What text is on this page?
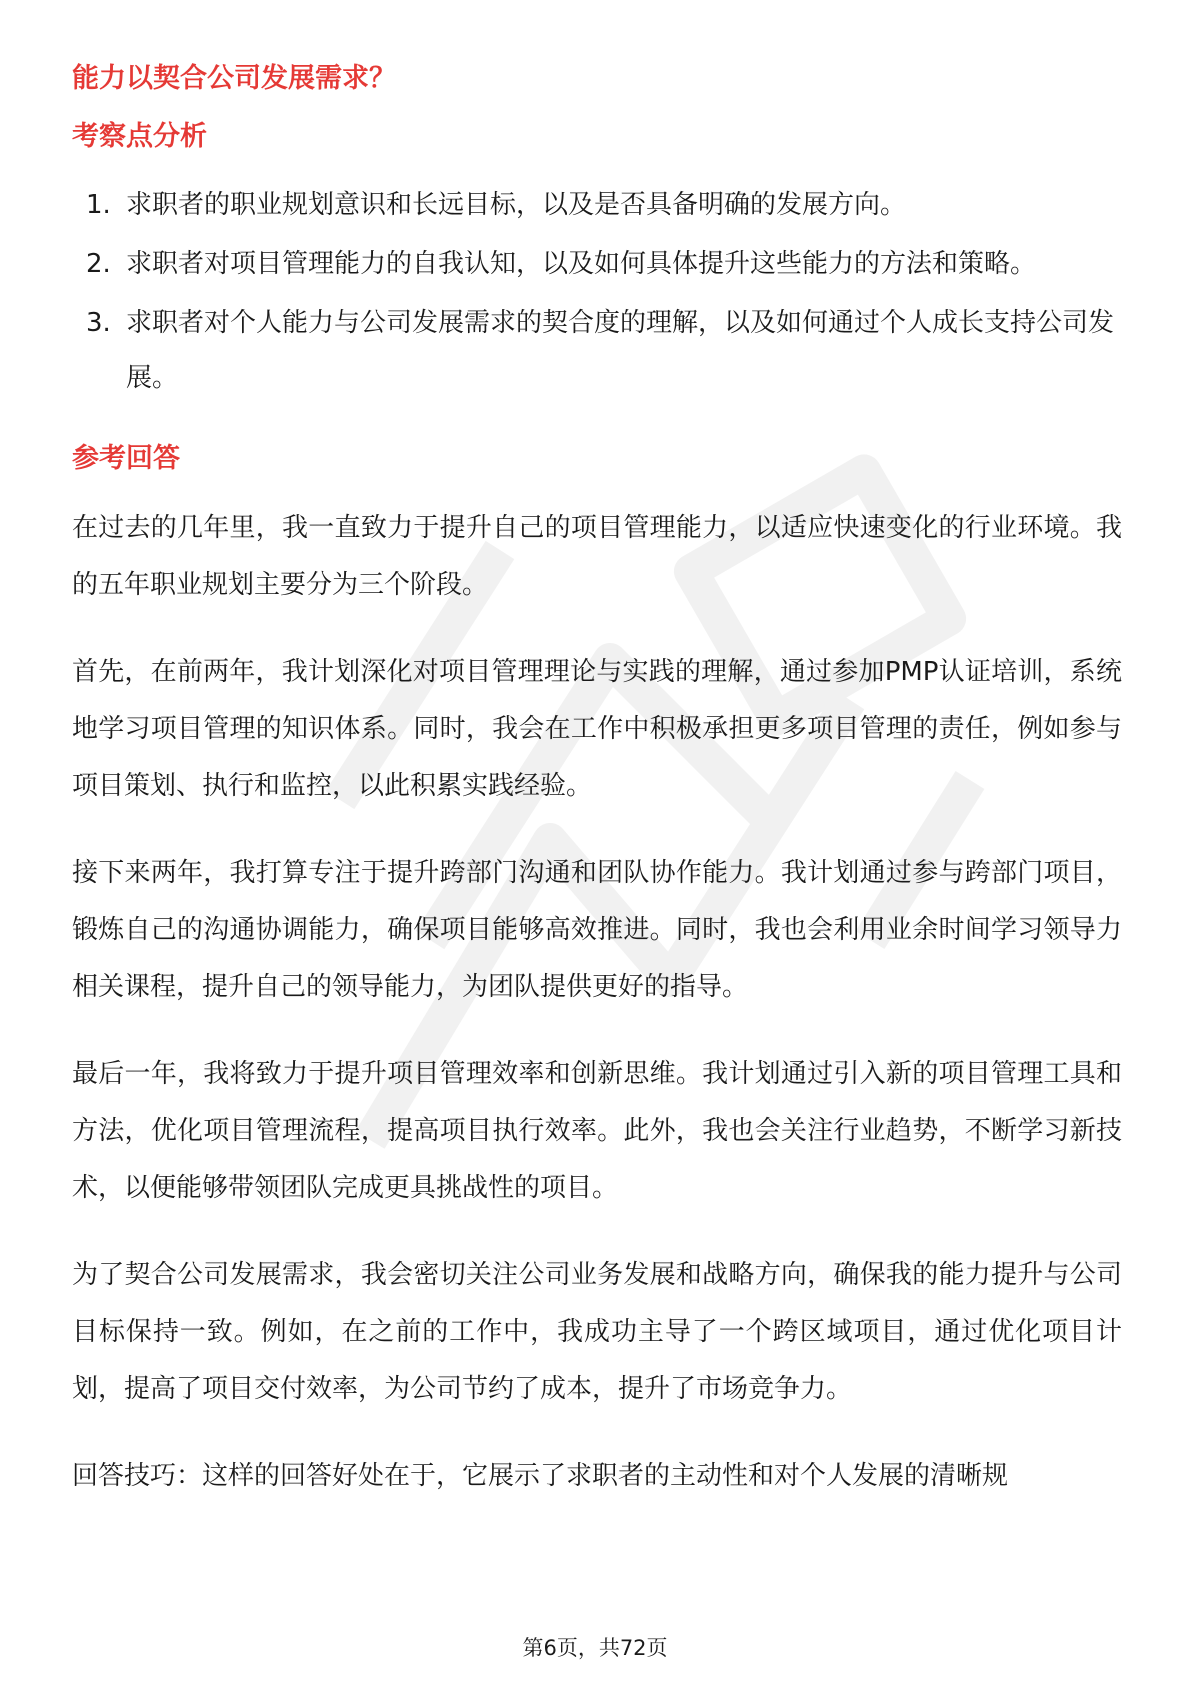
能力以契合公司发展需求？
考察点分析
1. 求职者的职业规划意识和长远目标，以及是否具备明确的发展方向。
2. 求职者对项目管理能力的自我认知，以及如何具体提升这些能力的方法和策略。
3. 求职者对个人能力与公司发展需求的契合度的理解，以及如何通过个人成长支持公司发展。
参考回答

在过去的几年里，我一直致力于提升自己的项目管理能力，以适应快速变化的行业环境。我的五年职业规划主要分为三个阶段。

首先，在前两年，我计划深化对项目管理理论与实践的理解，通过参加PMP认证培训，系统地学习项目管理的知识体系。同时，我会在工作中积极承担更多项目管理的责任，例如参与项目策划、执行和监控，以此积累实践经验。

接下来两年，我打算专注于提升跨部门沟通和团队协作能力。我计划通过参与跨部门项目，锻炼自己的沟通协调能力，确保项目能够高效推进。同时，我也会利用业余时间学习领导力相关课程，提升自己的领导能力，为团队提供更好的指导。

最后一年，我将致力于提升项目管理效率和创新思维。我计划通过引入新的项目管理工具和方法，优化项目管理流程，提高项目执行效率。此外，我也会关注行业趋势，不断学习新技术，以便能够带领团队完成更具挑战性的项目。

为了契合公司发展需求，我会密切关注公司业务发展和战略方向，确保我的能力提升与公司目标保持一致。例如，在之前的工作中，我成功主导了一个跨区域项目，通过优化项目计划，提高了项目交付效率，为公司节约了成本，提升了市场竞争力。

回答技巧：这样的回答好处在于，它展示了求职者的主动性和对个人发展的清晰规

第6页，共72页
